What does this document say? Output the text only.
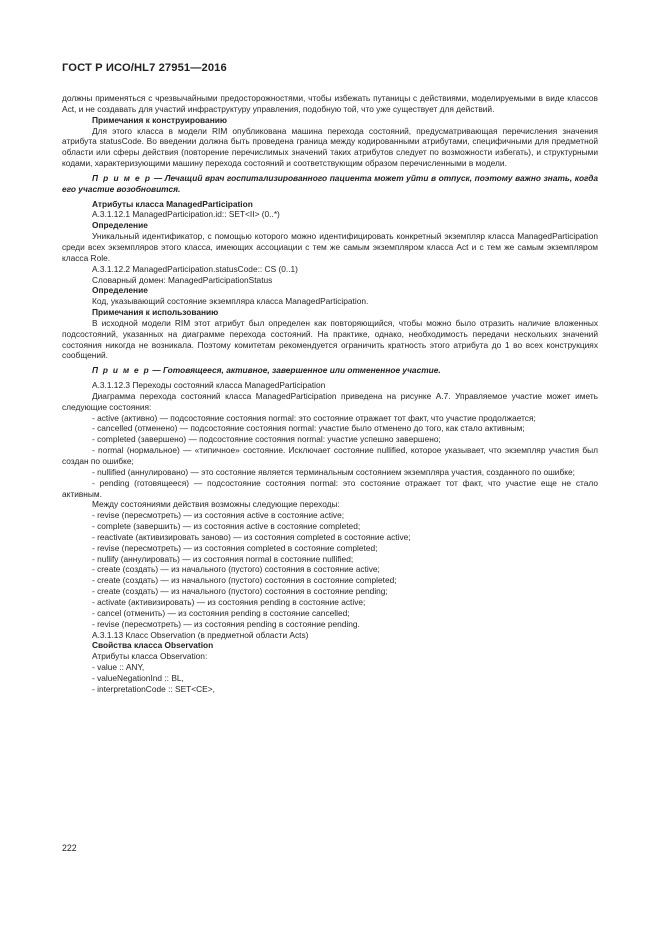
ГОСТ Р ИСО/HL7 27951—2016

должны применяться с чрезвычайными предосторожностями, чтобы избежать путаницы с действиями, моделируемыми в виде классов Act, и не создавать для участий инфраструктуру управления, подобную той, что уже существует для действий.

Примечания к конструированию

Для этого класса в модели RIM опубликована машина перехода состояний, предусматривающая перечисления значения атрибута statusCode. Во введении должна быть проведена граница между кодированными атрибутами, специфичными для предметной области или сферы действия (повторение перечислимых значений таких атрибутов следует по возможности избегать), и структурными кодами, характеризующими машину перехода состояний и соответствующим образом перечисленными в модели.

П р и м е р — Лечащий врач госпитализированного пациента может уйти в отпуск, поэтому важно знать, когда его участие возобновится.

Атрибуты класса ManagedParticipation

A.3.1.12.1 ManagedParticipation.id:: SET<II> (0..*)

Определение

Уникальный идентификатор, с помощью которого можно идентифицировать конкретный экземпляр класса ManagedParticipation среди всех экземпляров этого класса, имеющих ассоциации с тем же самым экземпляром класса Act и с тем же самым экземпляром класса Role.

A.3.1.12.2 ManagedParticipation.statusCode:: CS (0..1)

Словарный домен: ManagedParticipationStatus

Определение

Код, указывающий состояние экземпляра класса ManagedParticipation.

Примечания к использованию

В исходной модели RIM этот атрибут был определен как повторяющийся, чтобы можно было отразить наличие вложенных подсостояний, указанных на диаграмме перехода состояний. На практике, однако, необходимость передачи нескольких значений состояния никогда не возникала. Поэтому комитетам рекомендуется ограничить кратность этого атрибута до 1 во всех конструкциях сообщений.

П р и м е р — Готовящееся, активное, завершенное или отмененное участие.

A.3.1.12.3 Переходы состояний класса ManagedParticipation

Диаграмма перехода состояний класса ManagedParticipation приведена на рисунке А.7. Управляемое участие может иметь следующие состояния:

- active (активно) — подсостояние состояния normal: это состояние отражает тот факт, что участие продолжается;

- cancelled (отменено) — подсостояние состояния normal: участие было отменено до того, как стало активным;

- completed (завершено) — подсостояние состояния normal: участие успешно завершено;

- normal (нормальное) — «типичное» состояние. Исключает состояние nullified, которое указывает, что экземпляр участия был создан по ошибке;

- nullified (аннулировано) — это состояние является терминальным состоянием экземпляра участия, созданного по ошибке;

- pending (готовящееся) — подсостояние состояния normal: это состояние отражает тот факт, что участие еще не стало активным.

Между состояниями действия возможны следующие переходы:

- revise (пересмотреть) — из состояния active в состояние active;

- complete (завершить) — из состояния active в состояние completed;

- reactivate (активизировать заново) — из состояния completed в состояние active;

- revise (пересмотреть) — из состояния completed в состояние completed;

- nullify (аннулировать) — из состояния normal в состояние nullified;

- create (создать) — из начального (пустого) состояния в состояние active;

- create (создать) — из начального (пустого) состояния в состояние completed;

- create (создать) — из начального (пустого) состояния в состояние pending;

- activate (активизировать) — из состояния pending в состояние active;

- cancel (отменить) — из состояния pending в состояние cancelled;

- revise (пересмотреть) — из состояния pending в состояние pending.

A.3.1.13 Класс Observation (в предметной области Acts)

Свойства класса Observation

Атрибуты класса Observation:

- value :: ANY,

- valueNegationInd :: BL,

- interpretationCode :: SET<CE>,

222
